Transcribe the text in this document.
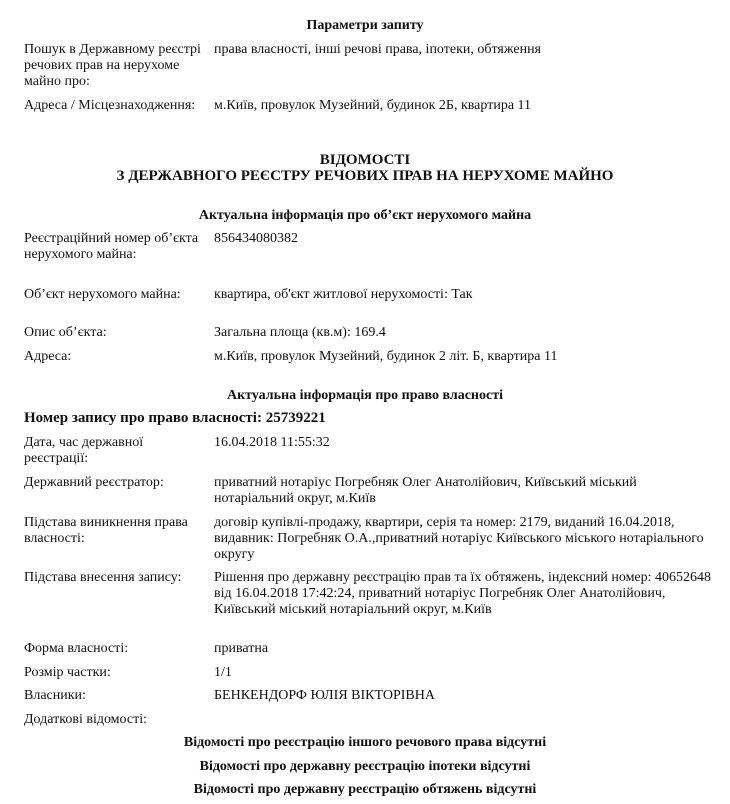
Параметри запиту
Пошук в Державному реєстрі речових прав на нерухоме майно про:
права власності, інші речові права, іпотеки, обтяження
Адреса / Місцезнаходження:	м.Київ, провулок Музейний, будинок 2Б, квартира 11
ВІДОМОСТІ
З ДЕРЖАВНОГО РЕЄСТРУ РЕЧОВИХ ПРАВ НА НЕРУХОМЕ МАЙНО
Актуальна інформація про об’єкт нерухомого майна
Реєстраційний номер об’єкта нерухомого майна:
856434080382
Об’єкт нерухомого майна:	квартира, об'єкт житлової нерухомості: Так
Опис об’єкта:	Загальна площа (кв.м): 169.4
Адреса:	м.Київ, провулок Музейний, будинок 2 літ. Б, квартира 11
Актуальна інформація про право власності
Номер запису про право власності: 25739221
Дата, час державної реєстрації:
16.04.2018 11:55:32
Державний реєстратор:	приватний нотаріус Погребняк Олег Анатолійович, Київський міський нотаріальний округ, м.Київ
Підстава виникнення права власності:
договір купівлі-продажу, квартири, серія та номер: 2179, виданий 16.04.2018, видавник: Погребняк О.А.,приватний нотаріус Київського міського нотаріального округу
Підстава внесення запису:	Рішення про державну реєстрацію прав та їх обтяжень, індексний номер: 40652648 від 16.04.2018 17:42:24, приватний нотаріус Погребняк Олег Анатолійович, Київський міський нотаріальний округ, м.Київ
Форма власності:	приватна
Розмір частки:	1/1
Власники:	БЕНКЕНДОРФ ЮЛІЯ ВІКТОРІВНА
Додаткові відомості:
Відомості про реєстрацію іншого речового права відсутні
Відомості про державну реєстрацію іпотеки відсутні
Відомості про державну реєстрацію обтяжень відсутні
